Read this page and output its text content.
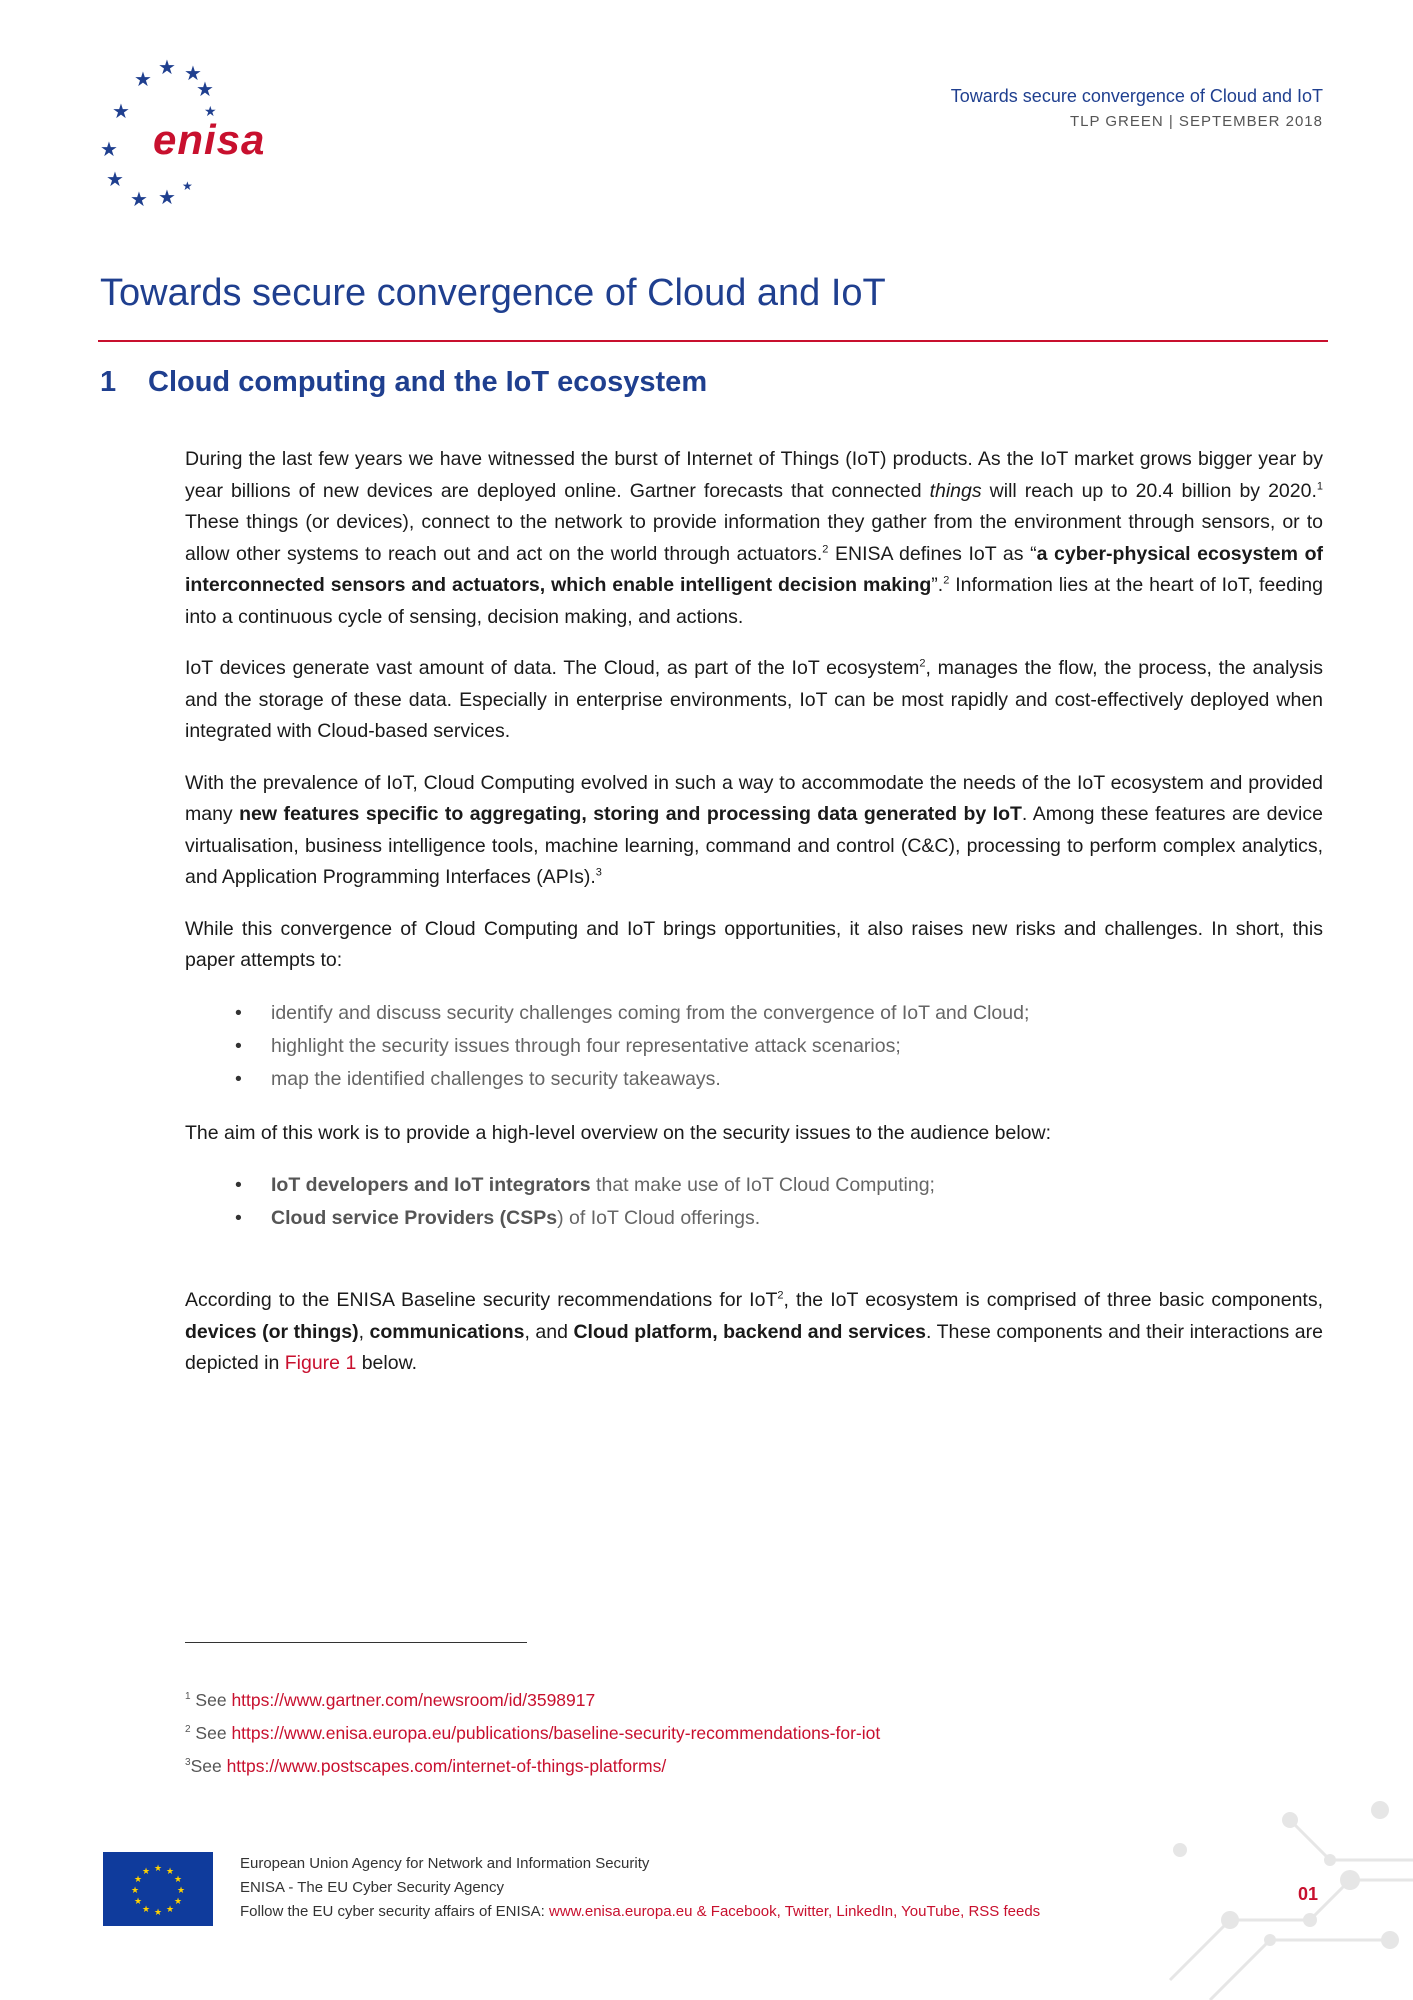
★ ★
★
★
★
★
★
★ ★ ★
★
enisa
Towards secure convergence of Cloud and IoT
TLP GREEN | SEPTEMBER 2018
Towards secure convergence of Cloud and IoT
1 Cloud computing and the IoT ecosystem

During the last few years we have witnessed the burst of Internet of Things (IoT) products. As the IoT market grows bigger year by year billions of new devices are deployed online. Gartner forecasts that connected things will reach up to 20.4 billion by 2020.$^1$ These things (or devices), connect to the network to provide information they gather from the environment through sensors, or to allow other systems to reach out and act on the world through actuators.$^2$ ENISA defines IoT as “a cyber-physical ecosystem of interconnected sensors and actuators, which enable intelligent decision making”.$^2$ Information lies at the heart of IoT, feeding into a continuous cycle of sensing, decision making, and actions.

IoT devices generate vast amount of data. The Cloud, as part of the IoT ecosystem$^2$, manages the flow, the process, the analysis and the storage of these data. Especially in enterprise environments, IoT can be most rapidly and cost-effectively deployed when integrated with Cloud-based services.

With the prevalence of IoT, Cloud Computing evolved in such a way to accommodate the needs of the IoT ecosystem and provided many new features specific to aggregating, storing and processing data generated by IoT. Among these features are device virtualisation, business intelligence tools, machine learning, command and control (C&C), processing to perform complex analytics, and Application Programming Interfaces (APIs).$^3$

While this convergence of Cloud Computing and IoT brings opportunities, it also raises new risks and challenges. In short, this paper attempts to:

• identify and discuss security challenges coming from the convergence of IoT and Cloud;
• highlight the security issues through four representative attack scenarios;
• map the identified challenges to security takeaways.

The aim of this work is to provide a high-level overview on the security issues to the audience below:

• IoT developers and IoT integrators that make use of IoT Cloud Computing;
• Cloud service Providers (CSPs) of IoT Cloud offerings.

According to the ENISA Baseline security recommendations for IoT$^2$, the IoT ecosystem is comprised of three basic components, devices (or things), communications, and Cloud platform, backend and services. These components and their interactions are depicted in Figure 1 below.

$^1$ See https://www.gartner.com/newsroom/id/3598917
$^2$ See https://www.enisa.europa.eu/publications/baseline-security-recommendations-for-iot
$^3$See https://www.postscapes.com/internet-of-things-platforms/
★ ★
★
★
★
★
★
★
★
★
★
★	European Union Agency for Network and Information Security
ENISA - The EU Cyber Security Agency
Follow the EU cyber security affairs of ENISA: www.enisa.europa.eu & Facebook, Twitter, LinkedIn, YouTube, RSS feeds
01
